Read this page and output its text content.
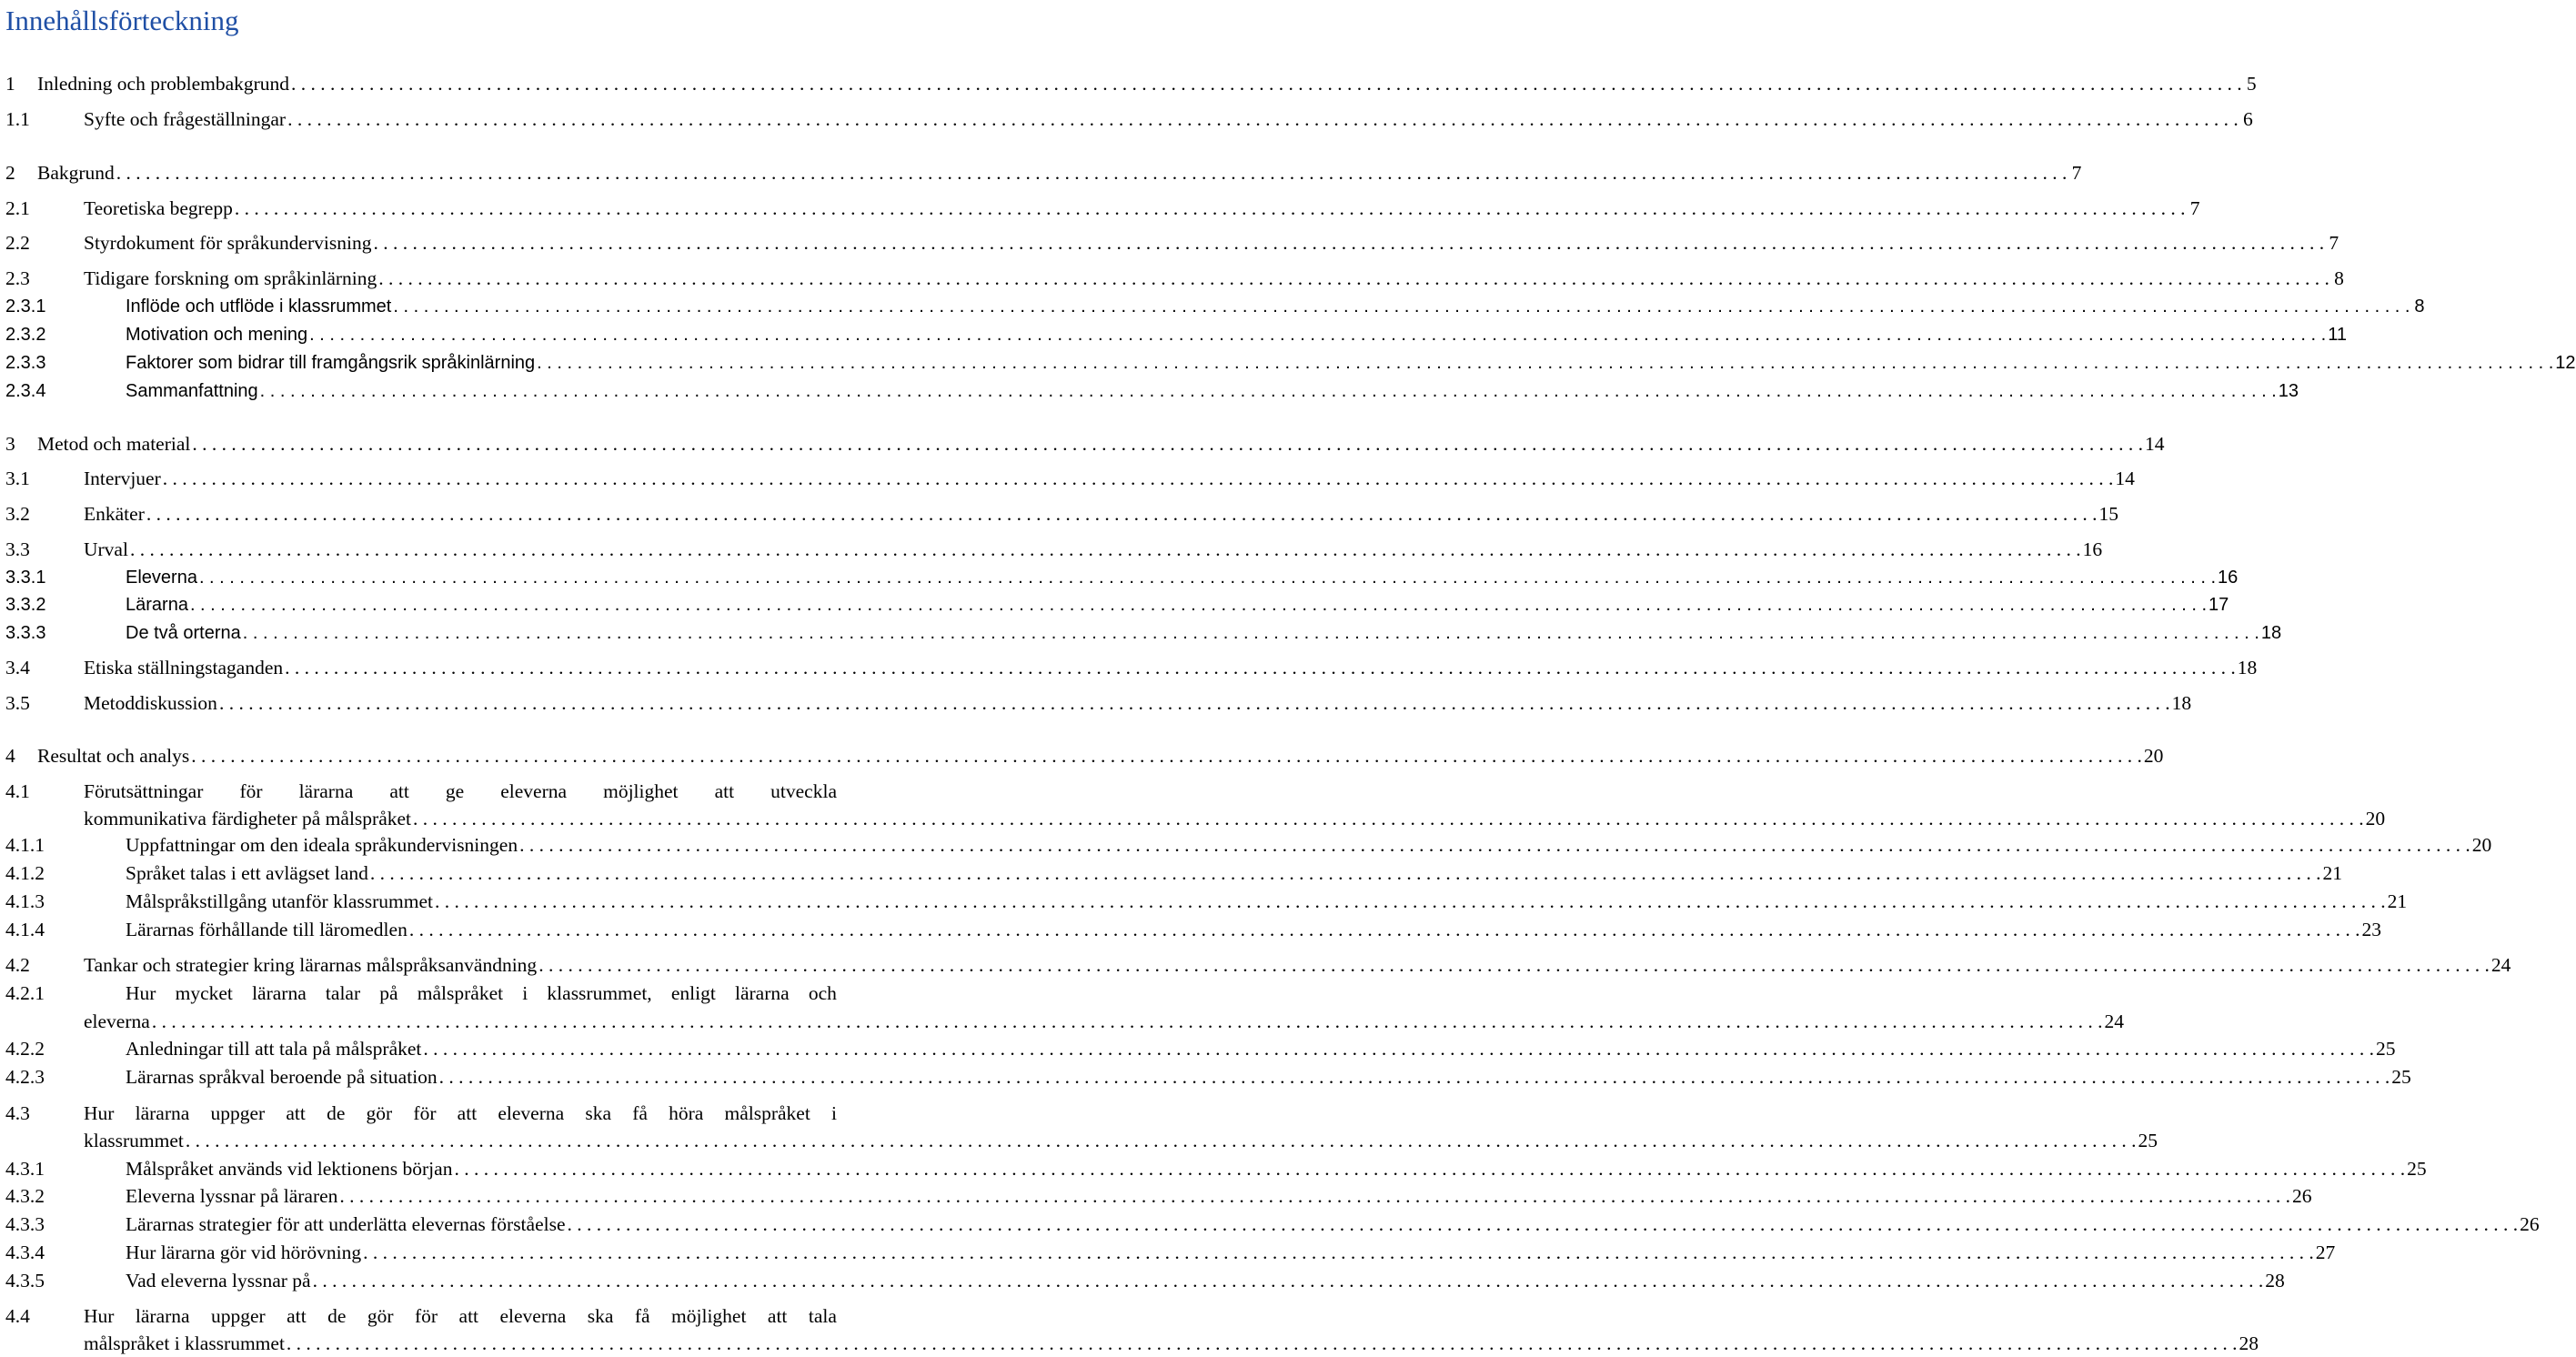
Innehållsförteckning
1 Inledning och problembakgrund . . . . . . . . . . . . . . . . . . . . . . . . . . . . . . . . . . . . . . . . . . . . . . . . . . . . . . . . . . . . . . . . . . . . . . . . . . . . . . . . . . . . . . . . . . . . . . . . . . . . . . . . . . . . . . . . . . . . . . . . . . . . . . . . . . . . . . . . . . . . . . . . . . . . . . . . . . . . . . . . . . . . . . . . . . . . . . . . . . . . . . . . . . . . . . . . . . . . . . . . 5
1.1	Syfte och frågeställningar . . . . . . . . . . . . . . . . . . . . . . . . . . . . . . . . . . . . . . . . . . . . . . . . . . . . . . . . . . . . . . . . . . . . . . . . . . . . . . . . . . . . . . . . . . . . . . . . . . . . . . . . . . . . . . . . . . . . . . . . . . . . . . . . . . . . . . . . . . . . . . . . . . . . . . . . . . . . . . . . . . . . . . . . . . . . . . . . . . . . . . . . . . . . . . . . . . . . . . . . 6
2 Bakgrund . . . . . . . . . . . . . . . . . . . . . . . . . . . . . . . . . . . . . . . . . . . . . . . . . . . . . . . . . . . . . . . . . . . . . . . . . . . . . . . . . . . . . . . . . . . . . . . . . . . . . . . . . . . . . . . . . . . . . . . . . . . . . . . . . . . . . . . . . . . . . . . . . . . . . . . . . . . . . . . . . . . . . . . . . . . . . . . . . . . . . . . . . . . . . . . . . . . . . . . . 7
2.1	Teoretiska begrepp . . . . . . . . . . . . . . . . . . . . . . . . . . . . . . . . . . . . . . . . . . . . . . . . . . . . . . . . . . . . . . . . . . . . . . . . . . . . . . . . . . . . . . . . . . . . . . . . . . . . . . . . . . . . . . . . . . . . . . . . . . . . . . . . . . . . . . . . . . . . . . . . . . . . . . . . . . . . . . . . . . . . . . . . . . . . . . . . . . . . . . . . . . . . . . . . . . . . . . . . 7
2.2	Styrdokument för språkundervisning . . . . . . . . . . . . . . . . . . . . . . . . . . . . . . . . . . . . . . . . . . . . . . . . . . . . . . . . . . . . . . . . . . . . . . . . . . . . . . . . . . . . . . . . . . . . . . . . . . . . . . . . . . . . . . . . . . . . . . . . . . . . . . . . . . . . . . . . . . . . . . . . . . . . . . . . . . . . . . . . . . . . . . . . . . . . . . . . . . . . . . . . . . . . . . . . . . . . . . . . 7
2.3	Tidigare forskning om språkinlärning . . . . . . . . . . . . . . . . . . . . . . . . . . . . . . . . . . . . . . . . . . . . . . . . . . . . . . . . . . . . . . . . . . . . . . . . . . . . . . . . . . . . . . . . . . . . . . . . . . . . . . . . . . . . . . . . . . . . . . . . . . . . . . . . . . . . . . . . . . . . . . . . . . . . . . . . . . . . . . . . . . . . . . . . . . . . . . . . . . . . . . . . . . . . . . . . . . . . . . . . 8
2.3.1	Inflöde och utflöde i klassrummet . . . . . . . . . . . . . . . . . . . . . . . . . . . . . . . . . . . . . . . . . . . . . . . . . . . . . . . . . . . . . . . . . . . . . . . . . . . . . . . . . . . . . . . . . . . . . . . . . . . . . . . . . . . . . . . . . . . . . . . . . . . . . . . . . . . . . . . . . . . . . . . . . . . . . . . . . . . . . . . . . . . . . . . . . . . . . . . . . . . . . . . . . . . . . . . . . . . . . . . . 8
2.3.2	Motivation och mening . . . . . . . . . . . . . . . . . . . . . . . . . . . . . . . . . . . . . . . . . . . . . . . . . . . . . . . . . . . . . . . . . . . . . . . . . . . . . . . . . . . . . . . . . . . . . . . . . . . . . . . . . . . . . . . . . . . . . . . . . . . . . . . . . . . . . . . . . . . . . . . . . . . . . . . . . . . . . . . . . . . . . . . . . . . . . . . . . . . . . . . . . . . . . . . . . . . . . . . . 11
2.3.3	Faktorer som bidrar till framgångsrik språkinlärning . . . . . . . . . . . . . . . . . . . . . . . . . . . . . . . . . . . . . . . . . . . . . . . . . . . . . . . . . . . . . . . . . . . . . . . . . . . . . . . . . . . . . . . . . . . . . . . . . . . . . . . . . . . . . . . . . . . . . . . . . . . . . . . . . . . . . . . . . . . . . . . . . . . . . . . . . . . . . . . . . . . . . . . . . . . . . . . . . . . . . . . . . . . . . . . . . . . . . . . . 12
2.3.4	Sammanfattning . . . . . . . . . . . . . . . . . . . . . . . . . . . . . . . . . . . . . . . . . . . . . . . . . . . . . . . . . . . . . . . . . . . . . . . . . . . . . . . . . . . . . . . . . . . . . . . . . . . . . . . . . . . . . . . . . . . . . . . . . . . . . . . . . . . . . . . . . . . . . . . . . . . . . . . . . . . . . . . . . . . . . . . . . . . . . . . . . . . . . . . . . . . . . . . . . . . . . . . . 13
3 Metod och material . . . . . . . . . . . . . . . . . . . . . . . . . . . . . . . . . . . . . . . . . . . . . . . . . . . . . . . . . . . . . . . . . . . . . . . . . . . . . . . . . . . . . . . . . . . . . . . . . . . . . . . . . . . . . . . . . . . . . . . . . . . . . . . . . . . . . . . . . . . . . . . . . . . . . . . . . . . . . . . . . . . . . . . . . . . . . . . . . . . . . . . . . . . . . . . . . . . . . . . . 14
3.1	Intervjuer . . . . . . . . . . . . . . . . . . . . . . . . . . . . . . . . . . . . . . . . . . . . . . . . . . . . . . . . . . . . . . . . . . . . . . . . . . . . . . . . . . . . . . . . . . . . . . . . . . . . . . . . . . . . . . . . . . . . . . . . . . . . . . . . . . . . . . . . . . . . . . . . . . . . . . . . . . . . . . . . . . . . . . . . . . . . . . . . . . . . . . . . . . . . . . . . . . . . . . . . 14
3.2	Enkäter . . . . . . . . . . . . . . . . . . . . . . . . . . . . . . . . . . . . . . . . . . . . . . . . . . . . . . . . . . . . . . . . . . . . . . . . . . . . . . . . . . . . . . . . . . . . . . . . . . . . . . . . . . . . . . . . . . . . . . . . . . . . . . . . . . . . . . . . . . . . . . . . . . . . . . . . . . . . . . . . . . . . . . . . . . . . . . . . . . . . . . . . . . . . . . . . . . . . . . . . 15
3.3	Urval . . . . . . . . . . . . . . . . . . . . . . . . . . . . . . . . . . . . . . . . . . . . . . . . . . . . . . . . . . . . . . . . . . . . . . . . . . . . . . . . . . . . . . . . . . . . . . . . . . . . . . . . . . . . . . . . . . . . . . . . . . . . . . . . . . . . . . . . . . . . . . . . . . . . . . . . . . . . . . . . . . . . . . . . . . . . . . . . . . . . . . . . . . . . . . . . . . . . . . . . 16
3.3.1	Eleverna . . . . . . . . . . . . . . . . . . . . . . . . . . . . . . . . . . . . . . . . . . . . . . . . . . . . . . . . . . . . . . . . . . . . . . . . . . . . . . . . . . . . . . . . . . . . . . . . . . . . . . . . . . . . . . . . . . . . . . . . . . . . . . . . . . . . . . . . . . . . . . . . . . . . . . . . . . . . . . . . . . . . . . . . . . . . . . . . . . . . . . . . . . . . . . . . . . . . . . . . 16
3.3.2	Lärarna . . . . . . . . . . . . . . . . . . . . . . . . . . . . . . . . . . . . . . . . . . . . . . . . . . . . . . . . . . . . . . . . . . . . . . . . . . . . . . . . . . . . . . . . . . . . . . . . . . . . . . . . . . . . . . . . . . . . . . . . . . . . . . . . . . . . . . . . . . . . . . . . . . . . . . . . . . . . . . . . . . . . . . . . . . . . . . . . . . . . . . . . . . . . . . . . . . . . . . . . 17
3.3.3	De två orterna . . . . . . . . . . . . . . . . . . . . . . . . . . . . . . . . . . . . . . . . . . . . . . . . . . . . . . . . . . . . . . . . . . . . . . . . . . . . . . . . . . . . . . . . . . . . . . . . . . . . . . . . . . . . . . . . . . . . . . . . . . . . . . . . . . . . . . . . . . . . . . . . . . . . . . . . . . . . . . . . . . . . . . . . . . . . . . . . . . . . . . . . . . . . . . . . . . . . . . . . 18
3.4	Etiska ställningstaganden . . . . . . . . . . . . . . . . . . . . . . . . . . . . . . . . . . . . . . . . . . . . . . . . . . . . . . . . . . . . . . . . . . . . . . . . . . . . . . . . . . . . . . . . . . . . . . . . . . . . . . . . . . . . . . . . . . . . . . . . . . . . . . . . . . . . . . . . . . . . . . . . . . . . . . . . . . . . . . . . . . . . . . . . . . . . . . . . . . . . . . . . . . . . . . . . . . . . . . . . 18
3.5	Metoddiskussion . . . . . . . . . . . . . . . . . . . . . . . . . . . . . . . . . . . . . . . . . . . . . . . . . . . . . . . . . . . . . . . . . . . . . . . . . . . . . . . . . . . . . . . . . . . . . . . . . . . . . . . . . . . . . . . . . . . . . . . . . . . . . . . . . . . . . . . . . . . . . . . . . . . . . . . . . . . . . . . . . . . . . . . . . . . . . . . . . . . . . . . . . . . . . . . . . . . . . . . . 18
4 Resultat och analys . . . . . . . . . . . . . . . . . . . . . . . . . . . . . . . . . . . . . . . . . . . . . . . . . . . . . . . . . . . . . . . . . . . . . . . . . . . . . . . . . . . . . . . . . . . . . . . . . . . . . . . . . . . . . . . . . . . . . . . . . . . . . . . . . . . . . . . . . . . . . . . . . . . . . . . . . . . . . . . . . . . . . . . . . . . . . . . . . . . . . . . . . . . . . . . . . . . . . . . . 20
4.1	Förutsättningar för lärarna att ge eleverna möjlighet att utveckla
kommunikativa färdigheter på målspråket . . . . . . . . . . . . . . . . . . . . . . . . . . . . . . . . . . . . . . . . . . . . . . . . . . . . . . . . . . . . . . . . . . . . . . . . . . . . . . . . . . . . . . . . . . . . . . . . . . . . . . . . . . . . . . . . . . . . . . . . . . . . . . . . . . . . . . . . . . . . . . . . . . . . . . . . . . . . . . . . . . . . . . . . . . . . . . . . . . . . . . . . . . . . . . . . . . . . . . . . 20
4.1.1	Uppfattningar om den ideala språkundervisningen . . . . . . . . . . . . . . . . . . . . . . . . . . . . . . . . . . . . . . . . . . . . . . . . . . . . . . . . . . . . . . . . . . . . . . . . . . . . . . . . . . . . . . . . . . . . . . . . . . . . . . . . . . . . . . . . . . . . . . . . . . . . . . . . . . . . . . . . . . . . . . . . . . . . . . . . . . . . . . . . . . . . . . . . . . . . . . . . . . . . . . . . . . . . . . . . . . . . . . . . 20
4.1.2	Språket talas i ett avlägset land . . . . . . . . . . . . . . . . . . . . . . . . . . . . . . . . . . . . . . . . . . . . . . . . . . . . . . . . . . . . . . . . . . . . . . . . . . . . . . . . . . . . . . . . . . . . . . . . . . . . . . . . . . . . . . . . . . . . . . . . . . . . . . . . . . . . . . . . . . . . . . . . . . . . . . . . . . . . . . . . . . . . . . . . . . . . . . . . . . . . . . . . . . . . . . . . . . . . . . . . 21
4.1.3	Målspråkstillgång utanför klassrummet . . . . . . . . . . . . . . . . . . . . . . . . . . . . . . . . . . . . . . . . . . . . . . . . . . . . . . . . . . . . . . . . . . . . . . . . . . . . . . . . . . . . . . . . . . . . . . . . . . . . . . . . . . . . . . . . . . . . . . . . . . . . . . . . . . . . . . . . . . . . . . . . . . . . . . . . . . . . . . . . . . . . . . . . . . . . . . . . . . . . . . . . . . . . . . . . . . . . . . . . 21
4.1.4	Lärarnas förhållande till läromedlen . . . . . . . . . . . . . . . . . . . . . . . . . . . . . . . . . . . . . . . . . . . . . . . . . . . . . . . . . . . . . . . . . . . . . . . . . . . . . . . . . . . . . . . . . . . . . . . . . . . . . . . . . . . . . . . . . . . . . . . . . . . . . . . . . . . . . . . . . . . . . . . . . . . . . . . . . . . . . . . . . . . . . . . . . . . . . . . . . . . . . . . . . . . . . . . . . . . . . . . . 23
4.2	Tankar och strategier kring lärarnas målspråksanvändning . . . . . . . . . . . . . . . . . . . . . . . . . . . . . . . . . . . . . . . . . . . . . . . . . . . . . . . . . . . . . . . . . . . . . . . . . . . . . . . . . . . . . . . . . . . . . . . . . . . . . . . . . . . . . . . . . . . . . . . . . . . . . . . . . . . . . . . . . . . . . . . . . . . . . . . . . . . . . . . . . . . . . . . . . . . . . . . . . . . . . . . . . . . . . . . . . . . . . . . . 24
4.2.1	Hur mycket lärarna talar på målspråket i klassrummet, enligt lärarna och
eleverna . . . . . . . . . . . . . . . . . . . . . . . . . . . . . . . . . . . . . . . . . . . . . . . . . . . . . . . . . . . . . . . . . . . . . . . . . . . . . . . . . . . . . . . . . . . . . . . . . . . . . . . . . . . . . . . . . . . . . . . . . . . . . . . . . . . . . . . . . . . . . . . . . . . . . . . . . . . . . . . . . . . . . . . . . . . . . . . . . . . . . . . . . . . . . . . . . . . . . . . . 24
4.2.2	Anledningar till att tala på målspråket . . . . . . . . . . . . . . . . . . . . . . . . . . . . . . . . . . . . . . . . . . . . . . . . . . . . . . . . . . . . . . . . . . . . . . . . . . . . . . . . . . . . . . . . . . . . . . . . . . . . . . . . . . . . . . . . . . . . . . . . . . . . . . . . . . . . . . . . . . . . . . . . . . . . . . . . . . . . . . . . . . . . . . . . . . . . . . . . . . . . . . . . . . . . . . . . . . . . . . . . 25
4.2.3	Lärarnas språkval beroende på situation . . . . . . . . . . . . . . . . . . . . . . . . . . . . . . . . . . . . . . . . . . . . . . . . . . . . . . . . . . . . . . . . . . . . . . . . . . . . . . . . . . . . . . . . . . . . . . . . . . . . . . . . . . . . . . . . . . . . . . . . . . . . . . . . . . . . . . . . . . . . . . . . . . . . . . . . . . . . . . . . . . . . . . . . . . . . . . . . . . . . . . . . . . . . . . . . . . . . . . . . 25
4.3	Hur lärarna uppger att de gör för att eleverna ska få höra målspråket i
klassrummet . . . . . . . . . . . . . . . . . . . . . . . . . . . . . . . . . . . . . . . . . . . . . . . . . . . . . . . . . . . . . . . . . . . . . . . . . . . . . . . . . . . . . . . . . . . . . . . . . . . . . . . . . . . . . . . . . . . . . . . . . . . . . . . . . . . . . . . . . . . . . . . . . . . . . . . . . . . . . . . . . . . . . . . . . . . . . . . . . . . . . . . . . . . . . . . . . . . . . . . . 25
4.3.1	Målspråket används vid lektionens början . . . . . . . . . . . . . . . . . . . . . . . . . . . . . . . . . . . . . . . . . . . . . . . . . . . . . . . . . . . . . . . . . . . . . . . . . . . . . . . . . . . . . . . . . . . . . . . . . . . . . . . . . . . . . . . . . . . . . . . . . . . . . . . . . . . . . . . . . . . . . . . . . . . . . . . . . . . . . . . . . . . . . . . . . . . . . . . . . . . . . . . . . . . . . . . . . . . . . . . . 25
4.3.2	Eleverna lyssnar på läraren . . . . . . . . . . . . . . . . . . . . . . . . . . . . . . . . . . . . . . . . . . . . . . . . . . . . . . . . . . . . . . . . . . . . . . . . . . . . . . . . . . . . . . . . . . . . . . . . . . . . . . . . . . . . . . . . . . . . . . . . . . . . . . . . . . . . . . . . . . . . . . . . . . . . . . . . . . . . . . . . . . . . . . . . . . . . . . . . . . . . . . . . . . . . . . . . . . . . . . . . 26
4.3.3	Lärarnas strategier för att underlätta elevernas förståelse . . . . . . . . . . . . . . . . . . . . . . . . . . . . . . . . . . . . . . . . . . . . . . . . . . . . . . . . . . . . . . . . . . . . . . . . . . . . . . . . . . . . . . . . . . . . . . . . . . . . . . . . . . . . . . . . . . . . . . . . . . . . . . . . . . . . . . . . . . . . . . . . . . . . . . . . . . . . . . . . . . . . . . . . . . . . . . . . . . . . . . . . . . . . . . . . . . . . . . . . 26
4.3.4	Hur lärarna gör vid hörövning . . . . . . . . . . . . . . . . . . . . . . . . . . . . . . . . . . . . . . . . . . . . . . . . . . . . . . . . . . . . . . . . . . . . . . . . . . . . . . . . . . . . . . . . . . . . . . . . . . . . . . . . . . . . . . . . . . . . . . . . . . . . . . . . . . . . . . . . . . . . . . . . . . . . . . . . . . . . . . . . . . . . . . . . . . . . . . . . . . . . . . . . . . . . . . . . . . . . . . . . 27
4.3.5	Vad eleverna lyssnar på . . . . . . . . . . . . . . . . . . . . . . . . . . . . . . . . . . . . . . . . . . . . . . . . . . . . . . . . . . . . . . . . . . . . . . . . . . . . . . . . . . . . . . . . . . . . . . . . . . . . . . . . . . . . . . . . . . . . . . . . . . . . . . . . . . . . . . . . . . . . . . . . . . . . . . . . . . . . . . . . . . . . . . . . . . . . . . . . . . . . . . . . . . . . . . . . . . . . . . . . 28
4.4	Hur lärarna uppger att de gör för att eleverna ska få möjlighet att tala
målspråket i klassrummet . . . . . . . . . . . . . . . . . . . . . . . . . . . . . . . . . . . . . . . . . . . . . . . . . . . . . . . . . . . . . . . . . . . . . . . . . . . . . . . . . . . . . . . . . . . . . . . . . . . . . . . . . . . . . . . . . . . . . . . . . . . . . . . . . . . . . . . . . . . . . . . . . . . . . . . . . . . . . . . . . . . . . . . . . . . . . . . . . . . . . . . . . . . . . . . . . . . . . . . . 28
